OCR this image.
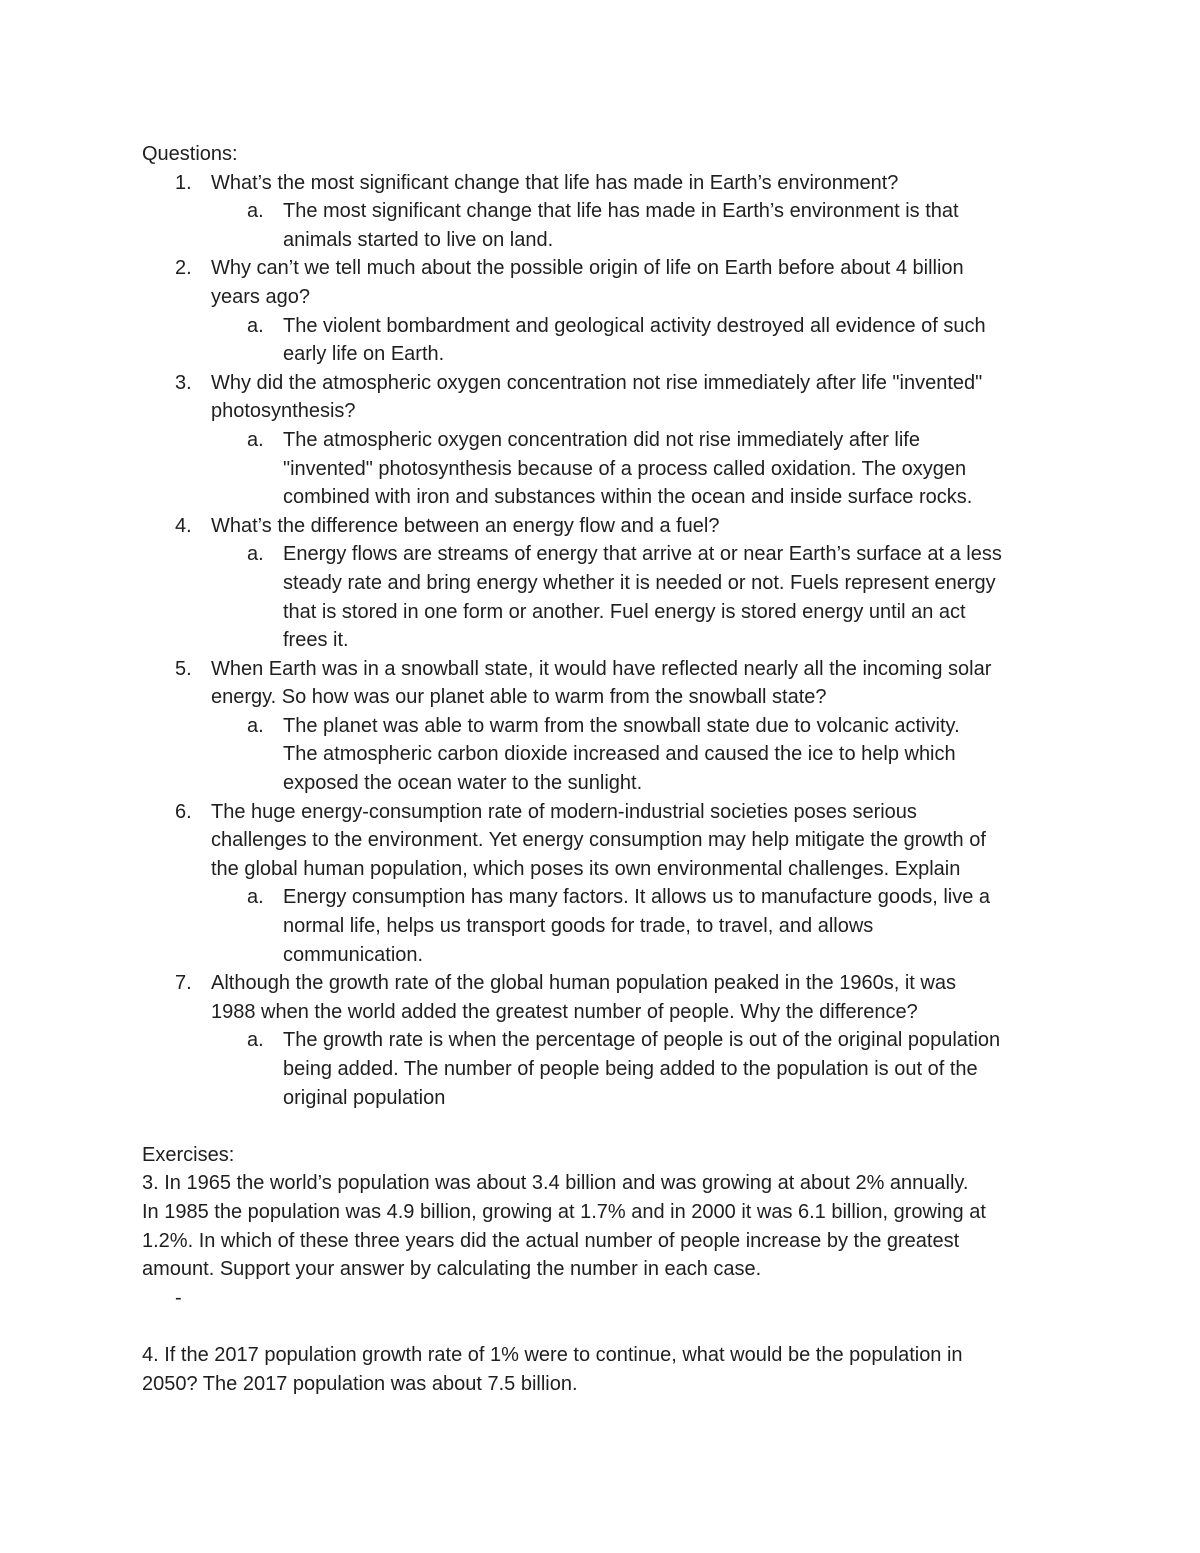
Questions:
1. What’s the most significant change that life has made in Earth’s environment?
a. The most significant change that life has made in Earth’s environment is that
animals started to live on land.
2. Why can’t we tell much about the possible origin of life on Earth before about 4 billion
years ago?
a. The violent bombardment and geological activity destroyed all evidence of such
early life on Earth.
3. Why did the atmospheric oxygen concentration not rise immediately after life "invented"
photosynthesis?
a. The atmospheric oxygen concentration did not rise immediately after life
"invented" photosynthesis because of a process called oxidation. The oxygen
combined with iron and substances within the ocean and inside surface rocks.
4. What’s the difference between an energy flow and a fuel?
a. Energy flows are streams of energy that arrive at or near Earth’s surface at a less
steady rate and bring energy whether it is needed or not. Fuels represent energy
that is stored in one form or another. Fuel energy is stored energy until an act
frees it.
5. When Earth was in a snowball state, it would have reflected nearly all the incoming solar
energy. So how was our planet able to warm from the snowball state?
a. The planet was able to warm from the snowball state due to volcanic activity.
The atmospheric carbon dioxide increased and caused the ice to help which
exposed the ocean water to the sunlight.
6. The huge energy-consumption rate of modern-industrial societies poses serious
challenges to the environment. Yet energy consumption may help mitigate the growth of
the global human population, which poses its own environmental challenges. Explain
a. Energy consumption has many factors. It allows us to manufacture goods, live a
normal life, helps us transport goods for trade, to travel, and allows
communication.
7. Although the growth rate of the global human population peaked in the 1960s, it was
1988 when the world added the greatest number of people. Why the difference?
a. The growth rate is when the percentage of people is out of the original population
being added. The number of people being added to the population is out of the
original population
Exercises:
3. In 1965 the world’s population was about 3.4 billion and was growing at about 2% annually.
In 1985 the population was 4.9 billion, growing at 1.7% and in 2000 it was 6.1 billion, growing at
1.2%. In which of these three years did the actual number of people increase by the greatest
amount. Support your answer by calculating the number in each case.
-
4. If the 2017 population growth rate of 1% were to continue, what would be the population in
2050? The 2017 population was about 7.5 billion.
